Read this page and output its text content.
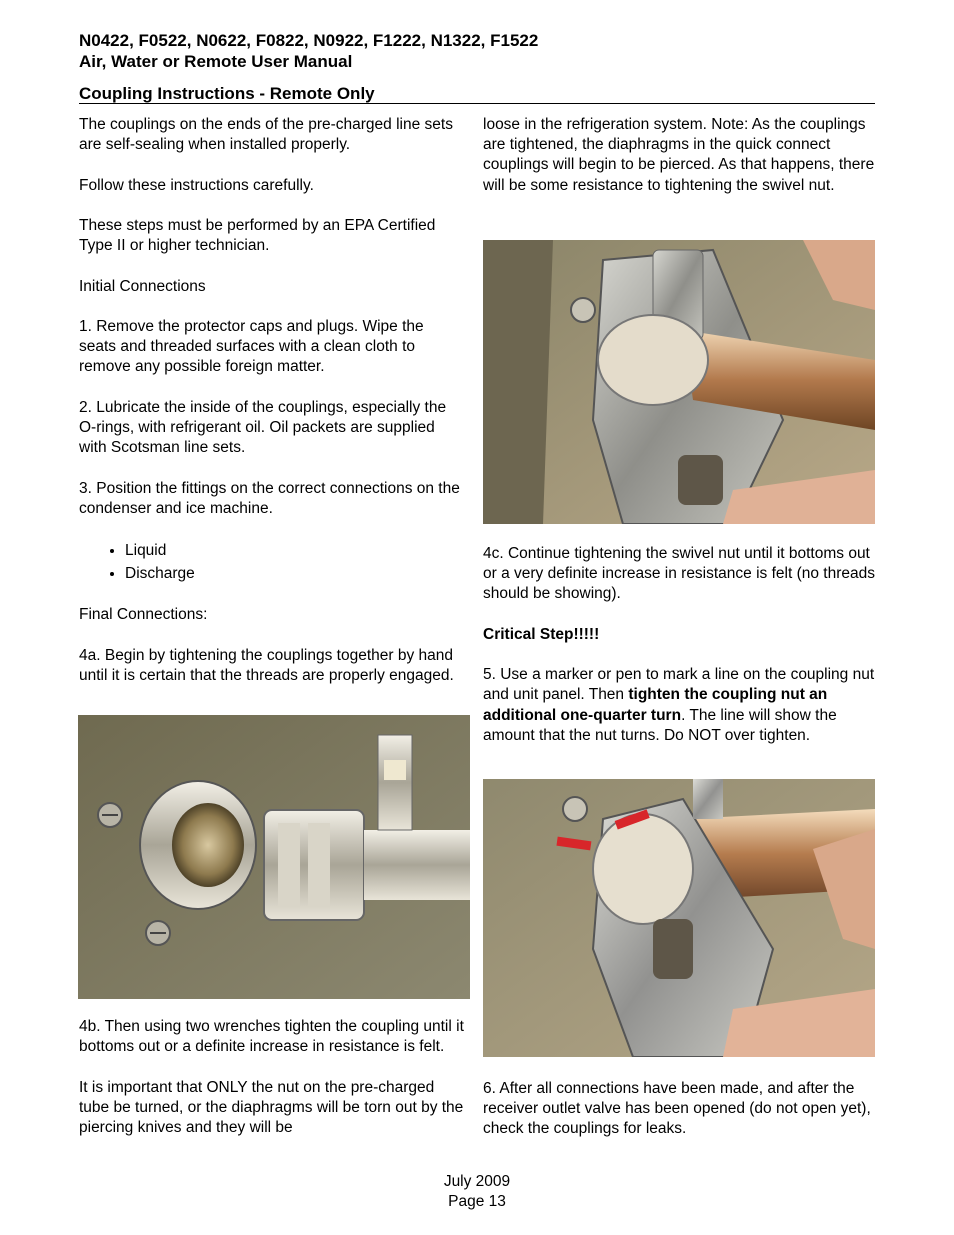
N0422, F0522, N0622, F0822, N0922, F1222, N1322, F1522
Air, Water or Remote User Manual
Coupling Instructions - Remote Only

The couplings on the ends of the pre-charged line sets are self-sealing when installed properly.

Follow these instructions carefully.

These steps must be performed by an EPA Certified Type II or higher technician.

Initial Connections

1. Remove the protector caps and plugs. Wipe the seats and threaded surfaces with a clean cloth to remove any possible foreign matter.

2. Lubricate the inside of the couplings, especially the O-rings, with refrigerant oil. Oil packets are supplied with Scotsman line sets.

3. Position the fittings on the correct connections on the condenser and ice machine.

• Liquid
• Discharge

Final Connections:

4a. Begin by tightening the couplings together by hand until it is certain that the threads are properly engaged.

4b. Then using two wrenches tighten the coupling until it bottoms out or a definite increase in resistance is felt.

It is important that ONLY the nut on the pre-charged tube be turned, or the diaphragms will be torn out by the piercing knives and they will be

loose in the refrigeration system. Note: As the couplings are tightened, the diaphragms in the quick connect couplings will begin to be pierced. As that happens, there will be some resistance to tightening the swivel nut.

4c. Continue tightening the swivel nut until it bottoms out or a very definite increase in resistance is felt (no threads should be showing).

Critical Step!!!!!

5. Use a marker or pen to mark a line on the coupling nut and unit panel. Then tighten the coupling nut an additional one-quarter turn. The line will show the amount that the nut turns. Do NOT over tighten.

6. After all connections have been made, and after the receiver outlet valve has been opened (do not open yet), check the couplings for leaks.

July 2009
Page 13
